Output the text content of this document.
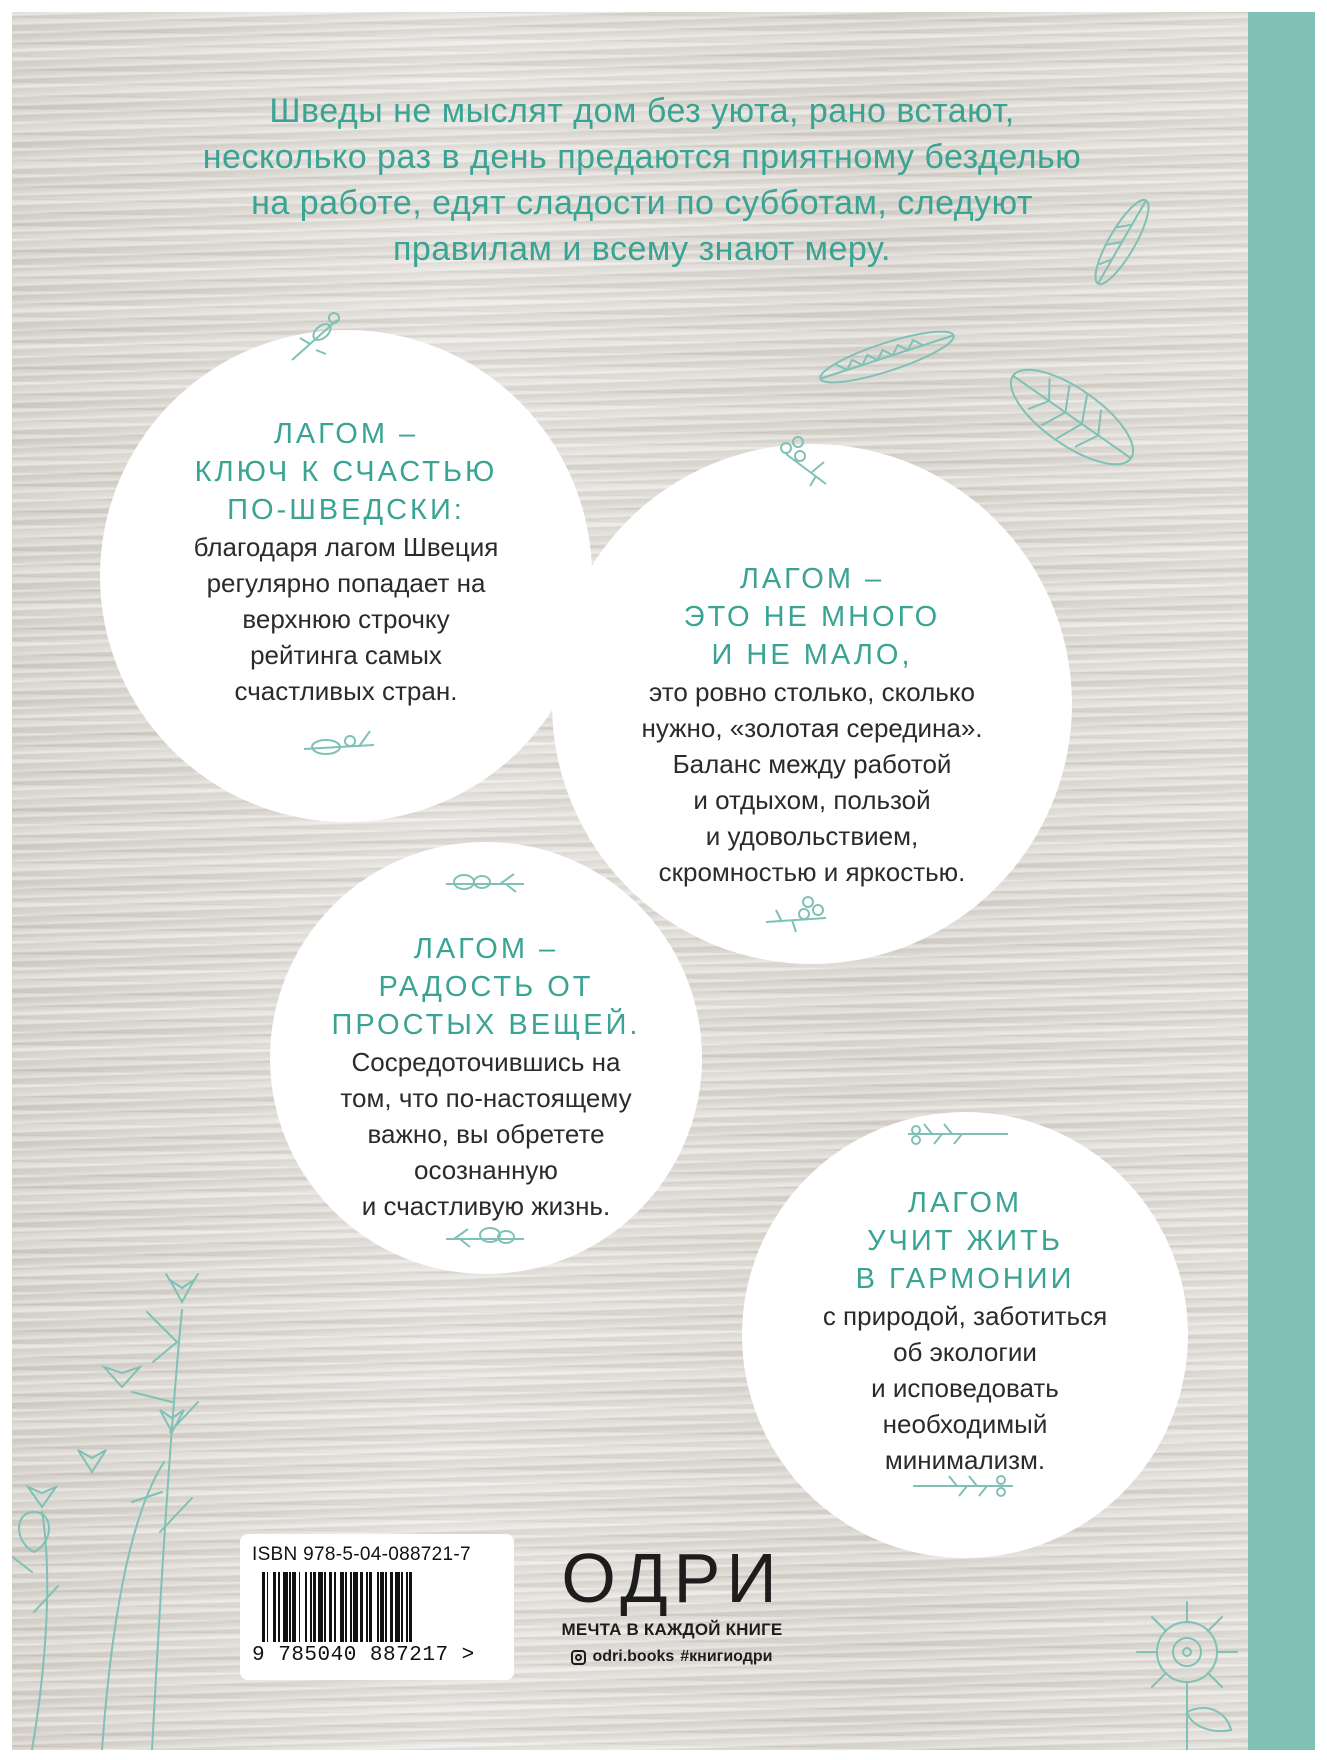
Шведы не мыслят дом без уюта, рано встают,
несколько раз в день предаются приятному безделью
на работе, едят сладости по субботам, следуют
правилам и всему знают меру.
ЛАГОМ –
КЛЮЧ К СЧАСТЬЮ
ПО-ШВЕДСКИ:
благодаря лагом Швеция
регулярно попадает на
верхнюю строчку
рейтинга самых
счастливых стран.
ЛАГОМ –
ЭТО НЕ МНОГО
И НЕ МАЛО,
это ровно столько, сколько
нужно, «золотая середина».
Баланс между работой
и отдыхом, пользой
и удовольствием,
скромностью и яркостью.
ЛАГОМ –
РАДОСТЬ ОТ
ПРОСТЫХ ВЕЩЕЙ.
Сосредоточившись на
том, что по-настоящему
важно, вы обретете
осознанную
и счастливую жизнь.	ЛАГОМ
УЧИТ ЖИТЬ
В ГАРМОНИИ
с природой, заботиться
об экологии
и исповедовать
необходимый
минимализм.
ISBN 978-5-04-088721-7
9 785040 887217 >
ОДРИ
МЕЧТА В КАЖДОЙ КНИГЕ
odri.books #книгиодри
